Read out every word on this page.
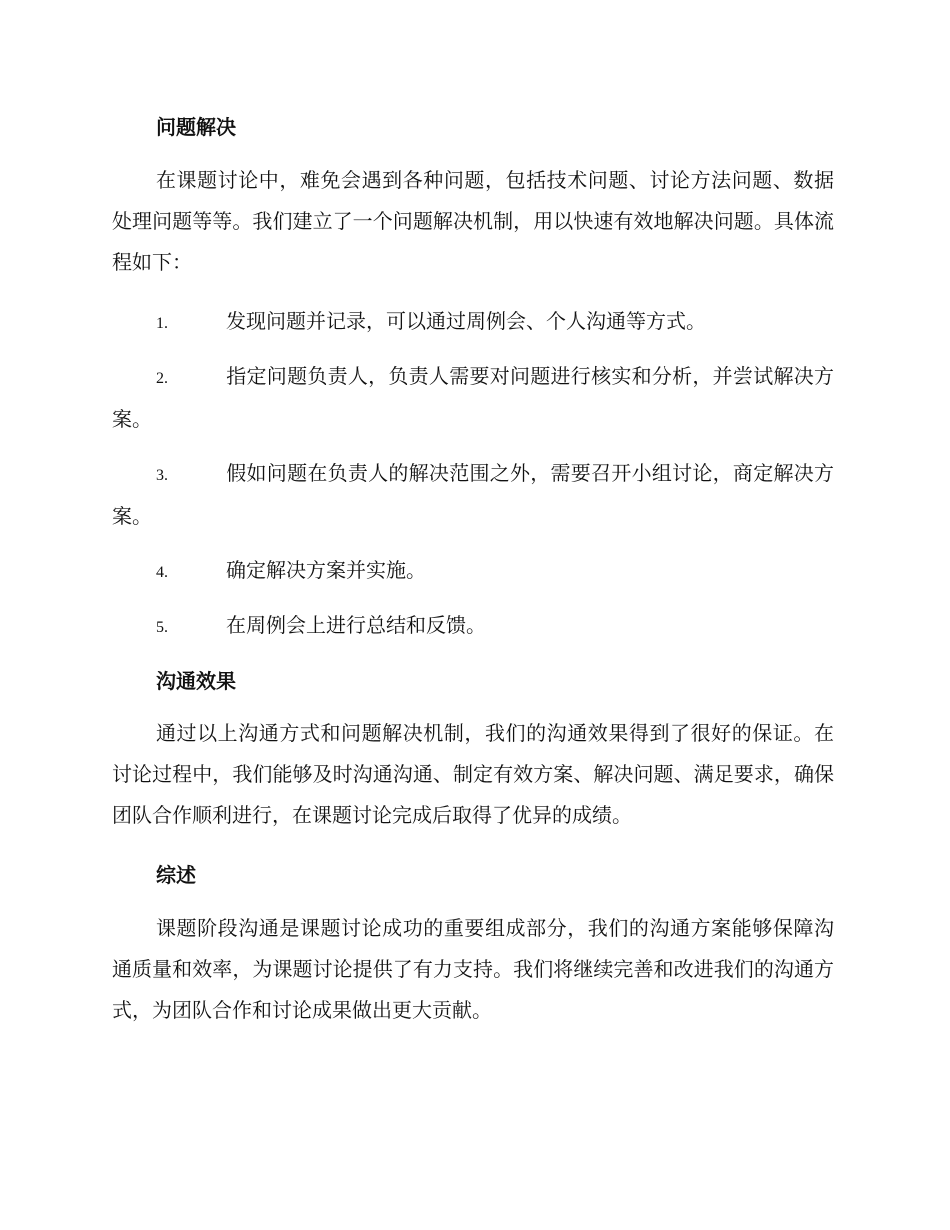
问题解决

在课题讨论中，难免会遇到各种问题，包括技术问题、讨论方法问题、数据处理问题等等。我们建立了一个问题解决机制，用以快速有效地解决问题。具体流程如下：

1.	发现问题并记录，可以通过周例会、个人沟通等方式。

2.	指定问题负责人，负责人需要对问题进行核实和分析，并尝试解决方案。

3.	假如问题在负责人的解决范围之外，需要召开小组讨论，商定解决方案。

4.	确定解决方案并实施。

5.	在周例会上进行总结和反馈。

沟通效果

通过以上沟通方式和问题解决机制，我们的沟通效果得到了很好的保证。在讨论过程中，我们能够及时沟通沟通、制定有效方案、解决问题、满足要求，确保团队合作顺利进行，在课题讨论完成后取得了优异的成绩。

综述

课题阶段沟通是课题讨论成功的重要组成部分，我们的沟通方案能够保障沟通质量和效率，为课题讨论提供了有力支持。我们将继续完善和改进我们的沟通方式，为团队合作和讨论成果做出更大贡献。
